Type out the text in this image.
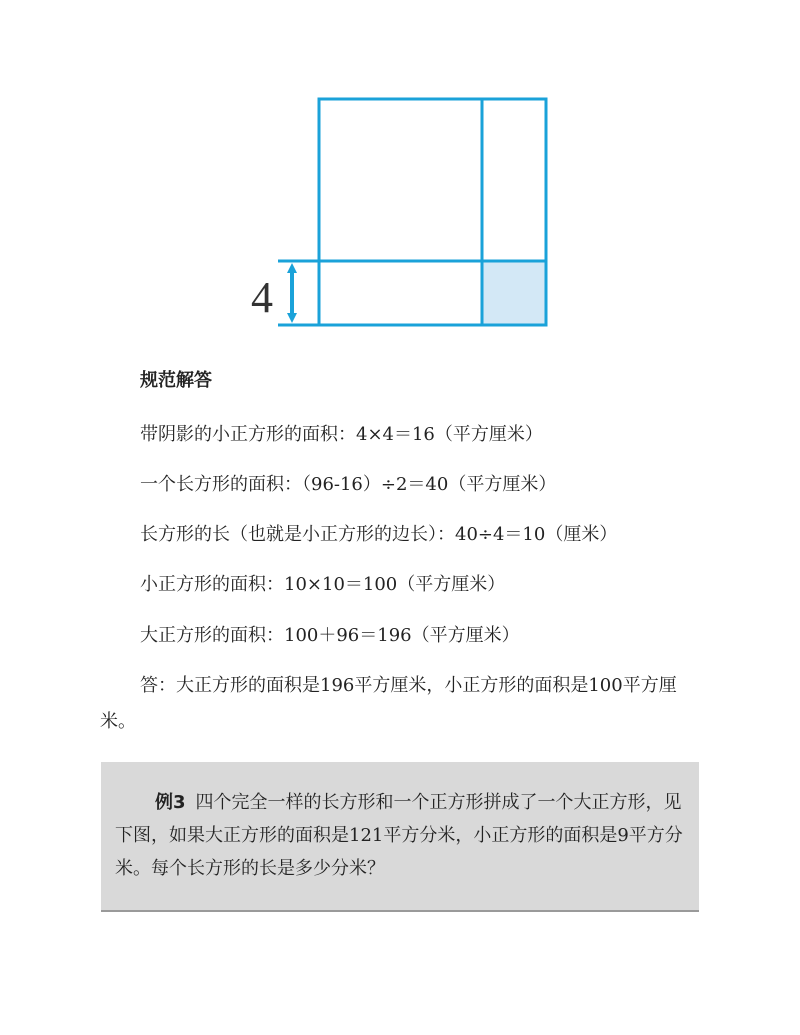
4
规范解答
带阴影的小正方形的面积：4×4＝16（平方厘米）
一个长方形的面积：（96-16）÷2＝40（平方厘米）
长方形的长（也就是小正方形的边长）：40÷4＝10（厘米）
小正方形的面积：10×10＝100（平方厘米）
大正方形的面积：100＋96＝196（平方厘米）
答：大正方形的面积是196平方厘米，小正方形的面积是100平方厘米。
例3 四个完全一样的长方形和一个正方形拼成了一个大正方形，见下图，如果大正方形的面积是121平方分米，小正方形的面积是9平方分米。每个长方形的长是多少分米？
